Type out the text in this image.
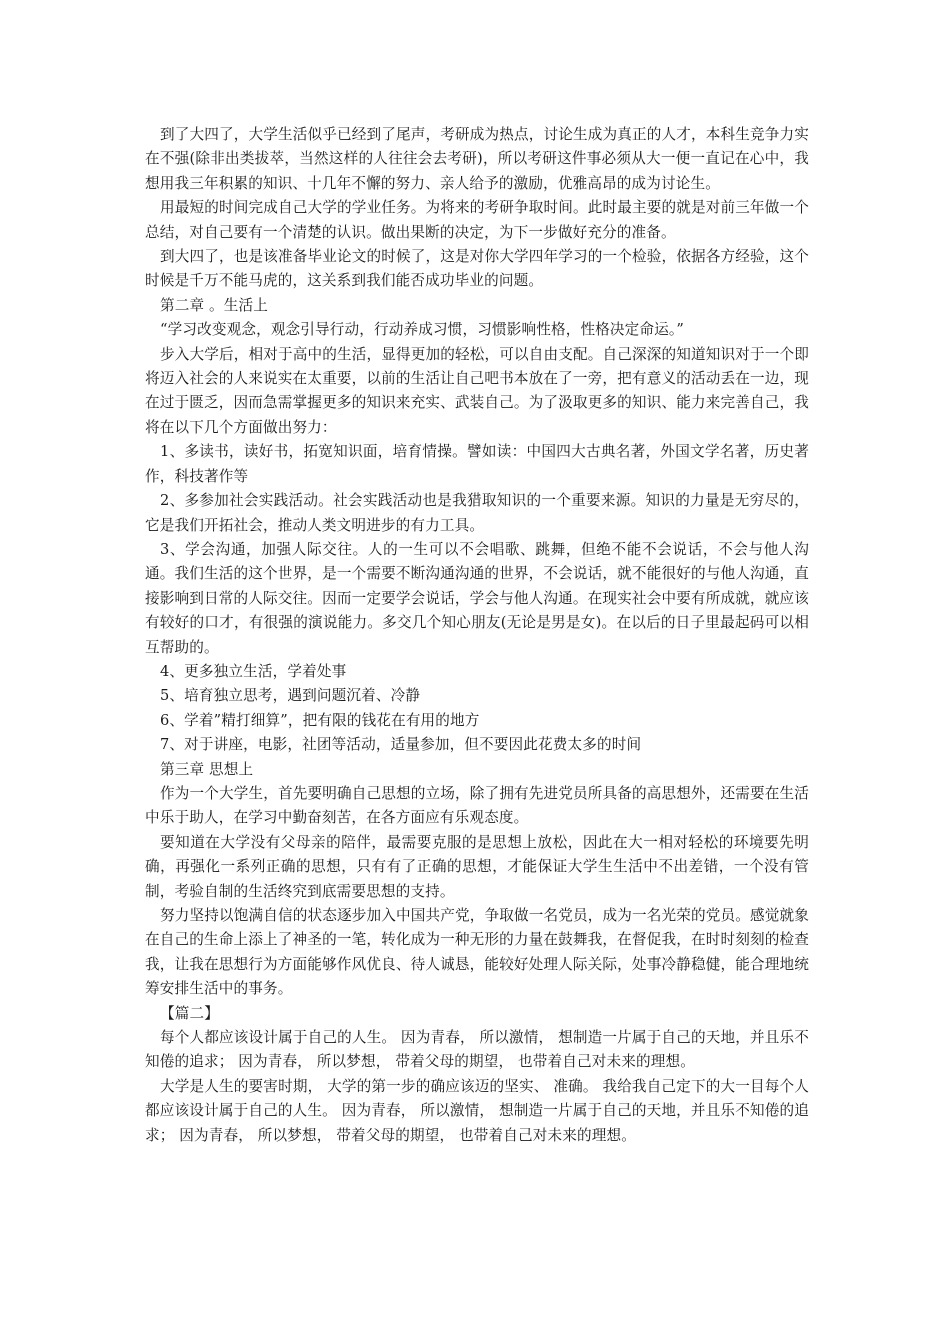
到了大四了，大学生活似乎已经到了尾声，考研成为热点，讨论生成为真正的人才，本科生竞争力实在不强(除非出类拔萃，当然这样的人往往会去考研)，所以考研这件事必须从大一便一直记在心中，我想用我三年积累的知识、十几年不懈的努力、亲人给予的激励，优雅高昂的成为讨论生。

用最短的时间完成自己大学的学业任务。为将来的考研争取时间。此时最主要的就是对前三年做一个总结，对自己要有一个清楚的认识。做出果断的决定，为下一步做好充分的准备。

到大四了，也是该准备毕业论文的时候了，这是对你大学四年学习的一个检验，依据各方经验，这个时候是千万不能马虎的，这关系到我们能否成功毕业的问题。

第二章 。生活上

“学习改变观念，观念引导行动，行动养成习惯，习惯影响性格，性格决定命运。”

步入大学后，相对于高中的生活，显得更加的轻松，可以自由支配。自己深深的知道知识对于一个即将迈入社会的人来说实在太重要，以前的生活让自己吧书本放在了一旁，把有意义的活动丢在一边，现在过于匮乏，因而急需掌握更多的知识来充实、武装自己。为了汲取更多的知识、能力来完善自己，我将在以下几个方面做出努力：

1、多读书，读好书，拓宽知识面，培育情操。譬如读：中国四大古典名著，外国文学名著，历史著作，科技著作等

2、多参加社会实践活动。社会实践活动也是我猎取知识的一个重要来源。知识的力量是无穷尽的，它是我们开拓社会，推动人类文明进步的有力工具。

3、学会沟通，加强人际交往。人的一生可以不会唱歌、跳舞，但绝不能不会说话，不会与他人沟通。我们生活的这个世界，是一个需要不断沟通沟通的世界，不会说话，就不能很好的与他人沟通，直接影响到日常的人际交往。因而一定要学会说话，学会与他人沟通。在现实社会中要有所成就，就应该有较好的口才，有很强的演说能力。多交几个知心朋友(无论是男是女)。在以后的日子里最起码可以相互帮助的。

4、更多独立生活，学着处事

5、培育独立思考，遇到问题沉着、冷静

6、学着”精打细算”，把有限的钱花在有用的地方

7、对于讲座，电影，社团等活动，适量参加，但不要因此花费太多的时间

第三章 思想上

作为一个大学生，首先要明确自己思想的立场，除了拥有先进党员所具备的高思想外，还需要在生活中乐于助人，在学习中勤奋刻苦，在各方面应有乐观态度。

要知道在大学没有父母亲的陪伴，最需要克服的是思想上放松，因此在大一相对轻松的环境要先明确，再强化一系列正确的思想，只有有了正确的思想，才能保证大学生生活中不出差错，一个没有管制，考验自制的生活终究到底需要思想的支持。

努力坚持以饱满自信的状态逐步加入中国共产党，争取做一名党员，成为一名光荣的党员。感觉就象在自己的生命上添上了神圣的一笔，转化成为一种无形的力量在鼓舞我，在督促我，在时时刻刻的检查我，让我在思想行为方面能够作风优良、待人诚恳，能较好处理人际关际，处事冷静稳健，能合理地统筹安排生活中的事务。

【篇二】

每个人都应该设计属于自己的人生。 因为青春， 所以激情， 想制造一片属于自己的天地，并且乐不知倦的追求； 因为青春， 所以梦想， 带着父母的期望， 也带着自己对未来的理想。

大学是人生的要害时期， 大学的第一步的确应该迈的坚实、 准确。 我给我自己定下的大一目每个人都应该设计属于自己的人生。 因为青春， 所以激情， 想制造一片属于自己的天地，并且乐不知倦的追求； 因为青春， 所以梦想， 带着父母的期望， 也带着自己对未来的理想。
